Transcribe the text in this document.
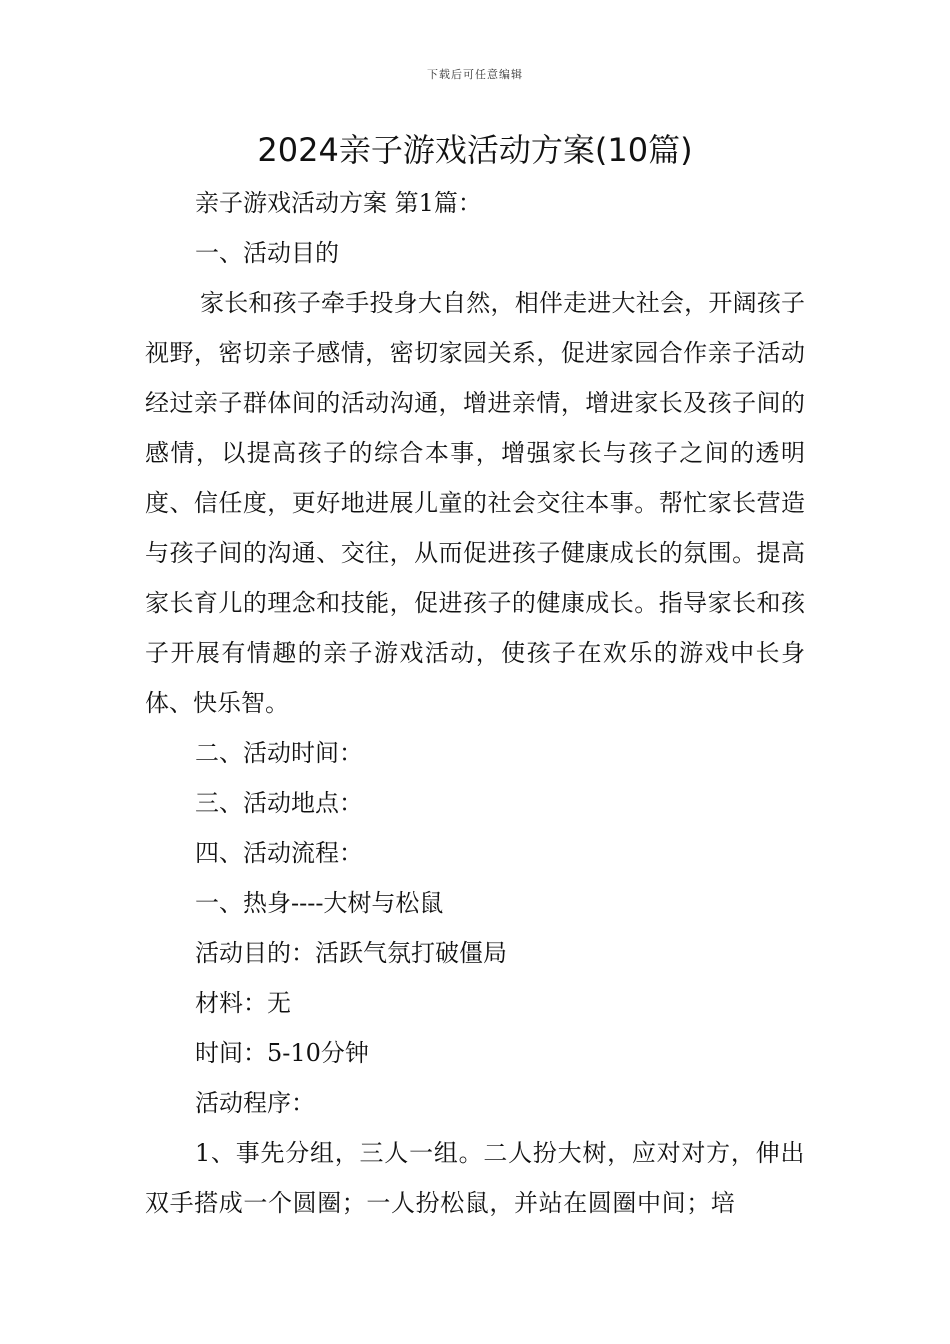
下载后可任意编辑
2024亲子游戏活动方案(10篇)
亲子游戏活动方案 第1篇：
一、活动目的

家长和孩子牵手投身大自然，相伴走进大社会，开阔孩子视野，密切亲子感情，密切家园关系，促进家园合作亲子活动经过亲子群体间的活动沟通，增进亲情，增进家长及孩子间的感情，以提高孩子的综合本事，增强家长与孩子之间的透明度、信任度，更好地进展儿童的社会交往本事。帮忙家长营造与孩子间的沟通、交往，从而促进孩子健康成长的氛围。提高家长育儿的理念和技能，促进孩子的健康成长。指导家长和孩子开展有情趣的亲子游戏活动，使孩子在欢乐的游戏中长身体、快乐智。

二、活动时间：
三、活动地点：
四、活动流程：
一、热身----大树与松鼠
活动目的：活跃气氛打破僵局
材料：无
时间：5-10分钟
活动程序：

1、事先分组，三人一组。二人扮大树，应对对方，伸出双手搭成一个圆圈；一人扮松鼠，并站在圆圈中间；培
